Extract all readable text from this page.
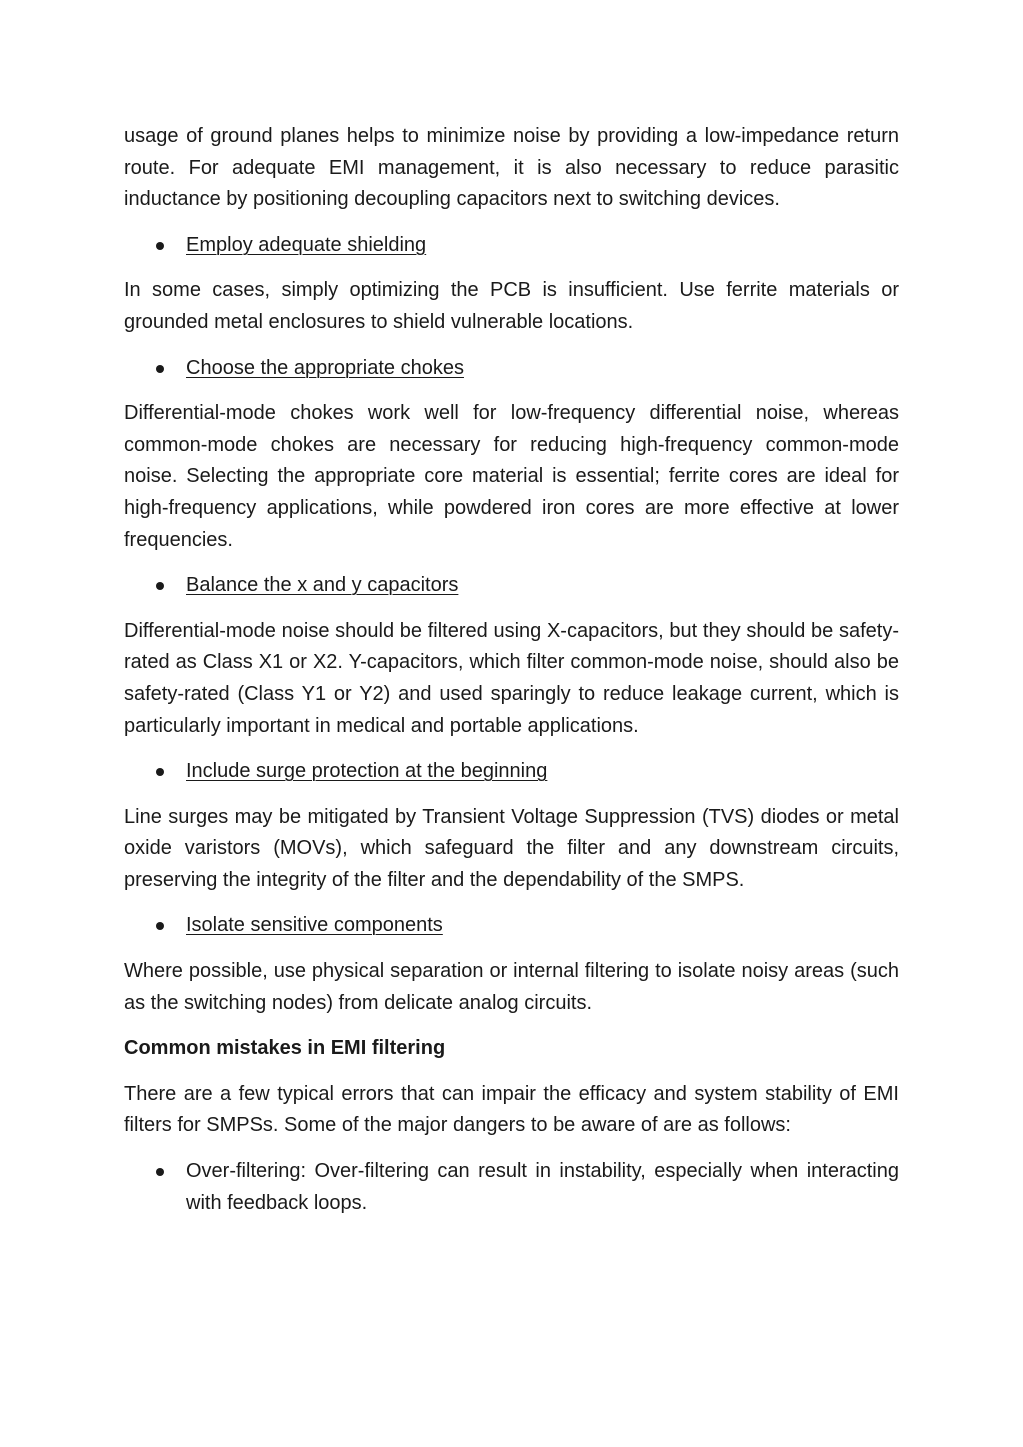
usage of ground planes helps to minimize noise by providing a low-impedance return route. For adequate EMI management, it is also necessary to reduce parasitic inductance by positioning decoupling capacitors next to switching devices.

Employ adequate shielding

In some cases, simply optimizing the PCB is insufficient. Use ferrite materials or grounded metal enclosures to shield vulnerable locations.

Choose the appropriate chokes

Differential-mode chokes work well for low-frequency differential noise, whereas common-mode chokes are necessary for reducing high-frequency common-mode noise. Selecting the appropriate core material is essential; ferrite cores are ideal for high-frequency applications, while powdered iron cores are more effective at lower frequencies.

Balance the x and y capacitors

Differential-mode noise should be filtered using X-capacitors, but they should be safety-rated as Class X1 or X2. Y-capacitors, which filter common-mode noise, should also be safety-rated (Class Y1 or Y2) and used sparingly to reduce leakage current, which is particularly important in medical and portable applications.

Include surge protection at the beginning

Line surges may be mitigated by Transient Voltage Suppression (TVS) diodes or metal oxide varistors (MOVs), which safeguard the filter and any downstream circuits, preserving the integrity of the filter and the dependability of the SMPS.

Isolate sensitive components

Where possible, use physical separation or internal filtering to isolate noisy areas (such as the switching nodes) from delicate analog circuits.

Common mistakes in EMI filtering

There are a few typical errors that can impair the efficacy and system stability of EMI filters for SMPSs. Some of the major dangers to be aware of are as follows:

Over-filtering: Over-filtering can result in instability, especially when interacting with feedback loops.
